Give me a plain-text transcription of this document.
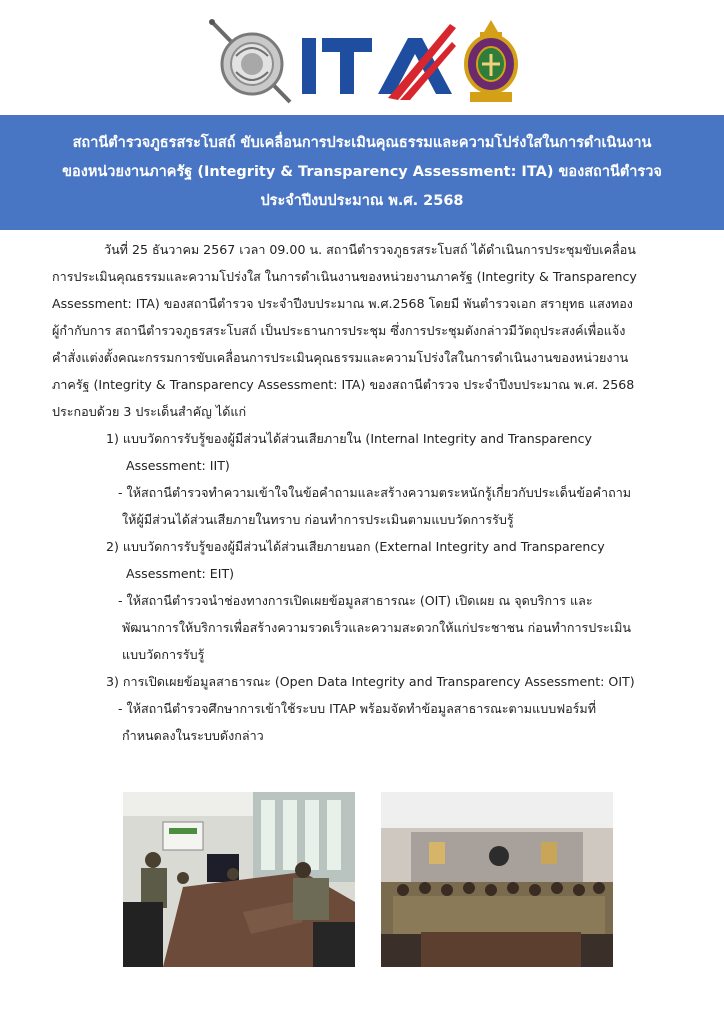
สถานีตำรวจภูธรสระโบสถ์ ขับเคลื่อนการประเมินคุณธรรมและความโปร่งใสในการดำเนินงาน
ของหน่วยงานภาครัฐ (Integrity & Transparency Assessment: ITA) ของสถานีตำรวจ
ประจำปีงบประมาณ พ.ศ. 2568

วันที่ 25 ธันวาคม 2567 เวลา 09.00 น. สถานีตำรวจภูธรสระโบสถ์ ได้ดำเนินการประชุมขับเคลื่อน

การประเมินคุณธรรมและความโปร่งใส ในการดำเนินงานของหน่วยงานภาครัฐ (Integrity & Transparency

Assessment: ITA) ของสถานีตำรวจ ประจำปีงบประมาณ พ.ศ.2568 โดยมี พันตำรวจเอก สรายุทธ แสงทอง

ผู้กำกับการ สถานีตำรวจภูธรสระโบสถ์ เป็นประธานการประชุม ซึ่งการประชุมดังกล่าวมีวัตถุประสงค์เพื่อแจ้ง

คำสั่งแต่งตั้งคณะกรรมการขับเคลื่อนการประเมินคุณธรรมและความโปร่งใสในการดำเนินงานของหน่วยงาน

ภาครัฐ (Integrity & Transparency Assessment: ITA) ของสถานีตำรวจ ประจำปีงบประมาณ พ.ศ. 2568

ประกอบด้วย 3 ประเด็นสำคัญ ได้แก่

1) แบบวัดการรับรู้ของผู้มีส่วนได้ส่วนเสียภายใน (Internal Integrity and Transparency

Assessment: IIT)

- ให้สถานีตำรวจทำความเข้าใจในข้อคำถามและสร้างความตระหนักรู้เกี่ยวกับประเด็นข้อคำถาม

ให้ผู้มีส่วนได้ส่วนเสียภายในทราบ ก่อนทำการประเมินตามแบบวัดการรับรู้

2) แบบวัดการรับรู้ของผู้มีส่วนได้ส่วนเสียภายนอก (External Integrity and Transparency

Assessment: EIT)

- ให้สถานีตำรวจนำช่องทางการเปิดเผยข้อมูลสาธารณะ (OIT) เปิดเผย ณ จุดบริการ และ

พัฒนาการให้บริการเพื่อสร้างความรวดเร็วและความสะดวกให้แก่ประชาชน ก่อนทำการประเมิน

แบบวัดการรับรู้

3) การเปิดเผยข้อมูลสาธารณะ (Open Data Integrity and Transparency Assessment: OIT)

- ให้สถานีตำรวจศึกษาการเข้าใช้ระบบ ITAP พร้อมจัดทำข้อมูลสาธารณะตามแบบฟอร์มที่

กำหนดลงในระบบดังกล่าว
